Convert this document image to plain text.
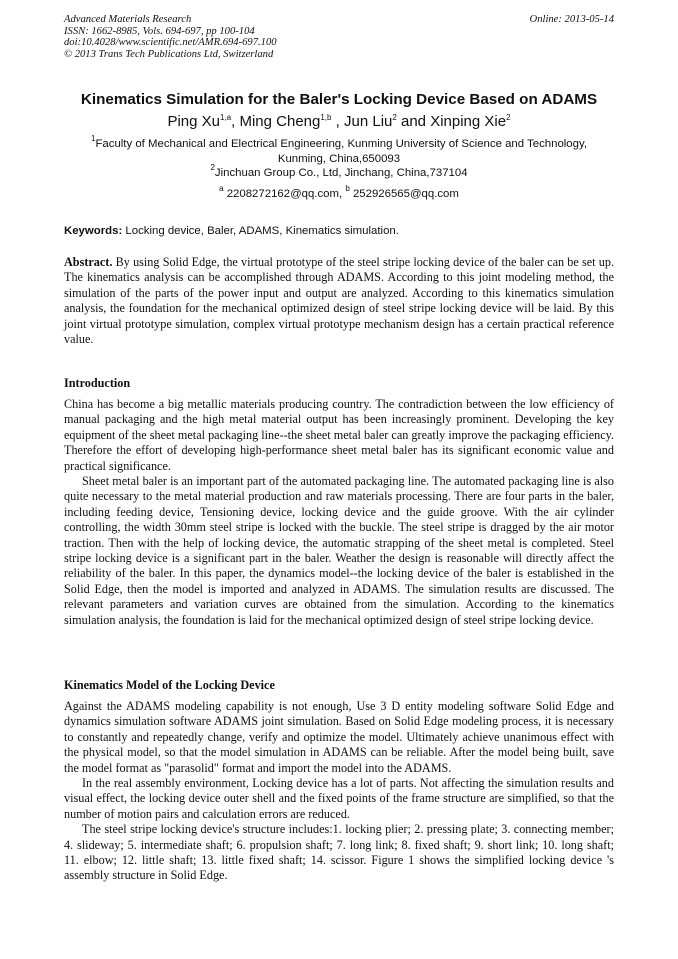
Advanced Materials Research
ISSN: 1662-8985, Vols. 694-697, pp 100-104
doi:10.4028/www.scientific.net/AMR.694-697.100
© 2013 Trans Tech Publications Ltd, Switzerland
Online: 2013-05-14
Kinematics Simulation for the Baler's Locking Device Based on ADAMS
Ping Xu$^{1,a}$, Ming Cheng$^{1,b}$ , Jun Liu$^2$ and Xinping Xie$^2$
$^1$Faculty of Mechanical and Electrical Engineering, Kunming University of Science and Technology,
Kunming, China,650093
$^2$Jinchuan Group Co., Ltd, Jinchang, China,737104
$^a$ 2208272162@qq.com, $^b$ 252926565@qq.com
Keywords: Locking device, Baler, ADAMS, Kinematics simulation.
Abstract. By using Solid Edge, the virtual prototype of the steel stripe locking device of the baler can be set up. The kinematics analysis can be accomplished through ADAMS. According to this joint modeling method, the simulation of the parts of the power input and output are analyzed. According to this kinematics simulation analysis, the foundation for the mechanical optimized design of steel stripe locking device will be laid. By this joint virtual prototype simulation, complex virtual prototype mechanism design has a certain practical reference value.
Introduction

China has become a big metallic materials producing country. The contradiction between the low efficiency of manual packaging and the high metal material output has been increasingly prominent. Developing the key equipment of the sheet metal packaging line--the sheet metal baler can greatly improve the packaging efficiency. Therefore the effort of developing high-performance sheet metal baler has its significant economic value and practical significance.

Sheet metal baler is an important part of the automated packaging line. The automated packaging line is also quite necessary to the metal material production and raw materials processing. There are four parts in the baler, including feeding device, Tensioning device, locking device and the guide groove. With the air cylinder controlling, the width 30mm steel stripe is locked with the buckle. The steel stripe is dragged by the air motor traction. Then with the help of locking device, the automatic strapping of the sheet metal is completed. Steel stripe locking device is a significant part in the baler. Weather the design is reasonable will directly affect the reliability of the baler. In this paper, the dynamics model--the locking device of the baler is established in the Solid Edge, then the model is imported and analyzed in ADAMS. The simulation results are discussed. The relevant parameters and variation curves are obtained from the simulation. According to the kinematics simulation analysis, the foundation is laid for the mechanical optimized design of steel stripe locking device.

Kinematics Model of the Locking Device

Against the ADAMS modeling capability is not enough, Use 3 D entity modeling software Solid Edge and dynamics simulation software ADAMS joint simulation. Based on Solid Edge modeling process, it is necessary to constantly and repeatedly change, verify and optimize the model. Ultimately achieve unanimous effect with the physical model, so that the model simulation in ADAMS can be reliable. After the model being built, save the model format as "parasolid" format and import the model into the ADAMS.

In the real assembly environment, Locking device has a lot of parts. Not affecting the simulation results and visual effect, the locking device outer shell and the fixed points of the frame structure are simplified, so that the number of motion pairs and calculation errors are reduced.

The steel stripe locking device's structure includes:1. locking plier; 2. pressing plate; 3. connecting member; 4. slideway; 5. intermediate shaft; 6. propulsion shaft; 7. long link; 8. fixed shaft; 9. short link; 10. long shaft; 11. elbow; 12. little shaft; 13. little fixed shaft; 14. scissor. Figure 1 shows the simplified locking device 's assembly structure in Solid Edge.
